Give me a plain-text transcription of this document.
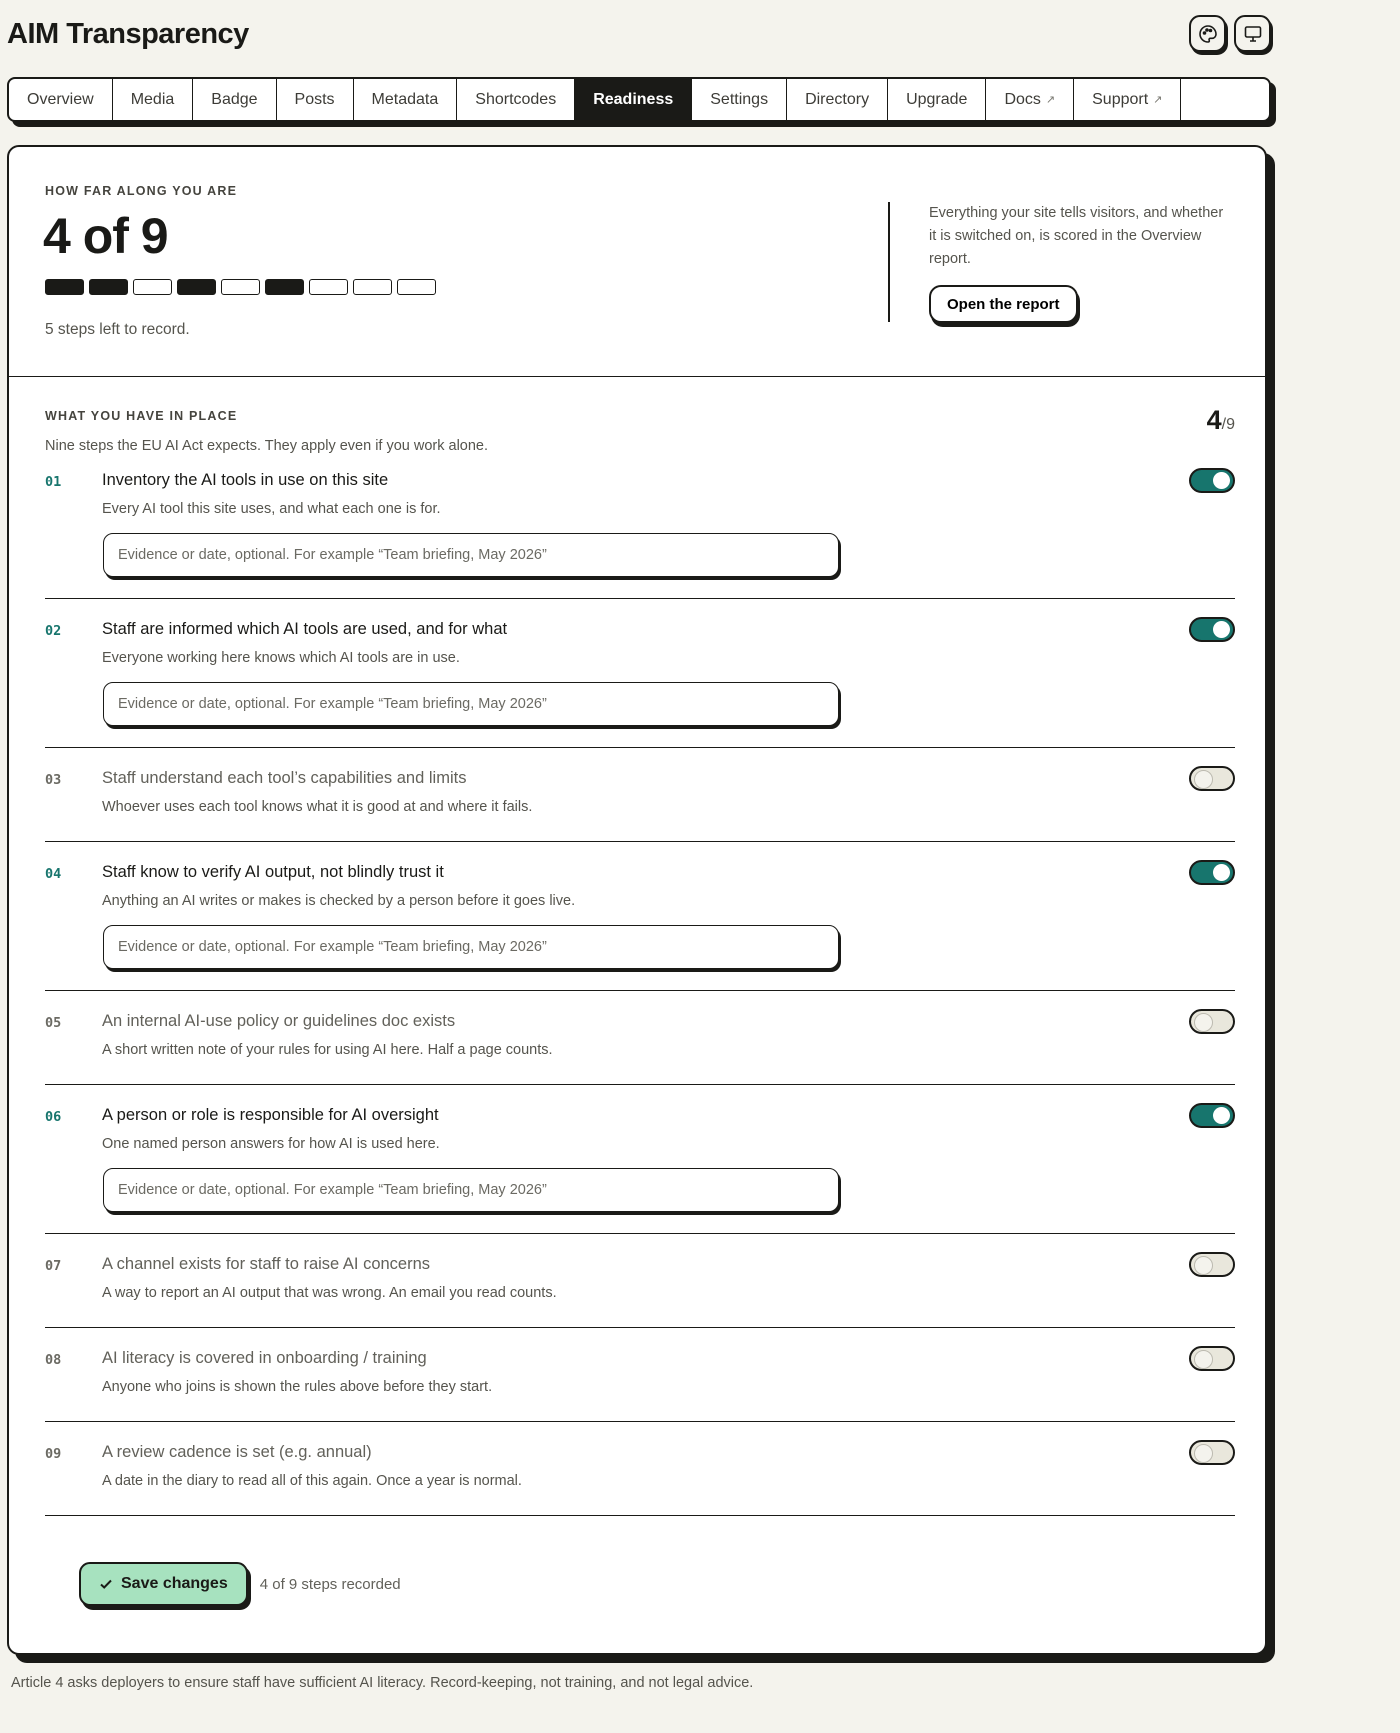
AIM Transparency
Overview Media Badge Posts Metadata Shortcodes Readiness Settings Directory Upgrade Docs ↗ Support ↗
HOW FAR ALONG YOU ARE
4 of 9
5 steps left to record.
Everything your site tells visitors, and whether it is switched on, is scored in the Overview report.
Open the report
WHAT YOU HAVE IN PLACE
Nine steps the EU AI Act expects. They apply even if you work alone.
4/9
01 Inventory the AI tools in use on this site
Every AI tool this site uses, and what each one is for.
Evidence or date, optional. For example “Team briefing, May 2026”
02 Staff are informed which AI tools are used, and for what
Everyone working here knows which AI tools are in use.
Evidence or date, optional. For example “Team briefing, May 2026”
03 Staff understand each tool’s capabilities and limits
Whoever uses each tool knows what it is good at and where it fails.
04 Staff know to verify AI output, not blindly trust it
Anything an AI writes or makes is checked by a person before it goes live.
Evidence or date, optional. For example “Team briefing, May 2026”
05 An internal AI-use policy or guidelines doc exists
A short written note of your rules for using AI here. Half a page counts.
06 A person or role is responsible for AI oversight
One named person answers for how AI is used here.
Evidence or date, optional. For example “Team briefing, May 2026”
07 A channel exists for staff to raise AI concerns
A way to report an AI output that was wrong. An email you read counts.
08 AI literacy is covered in onboarding / training
Anyone who joins is shown the rules above before they start.
09 A review cadence is set (e.g. annual)
A date in the diary to read all of this again. Once a year is normal.
Save changes 4 of 9 steps recorded
Article 4 asks deployers to ensure staff have sufficient AI literacy. Record-keeping, not training, and not legal advice.
